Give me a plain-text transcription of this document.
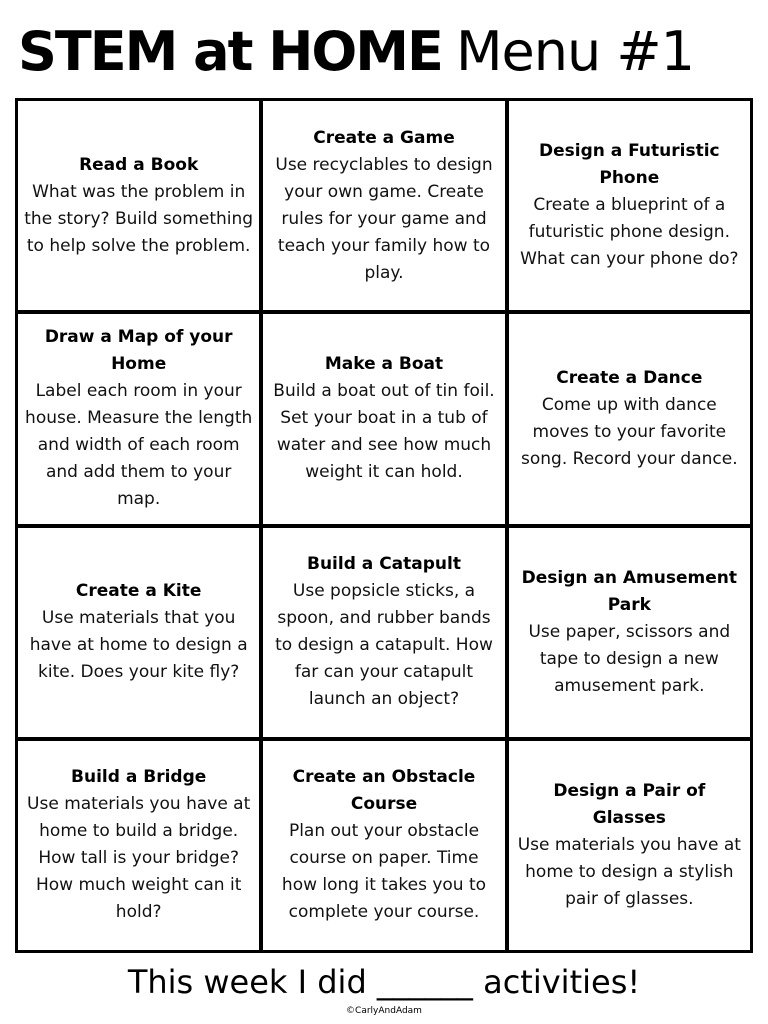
STEM at HOME Menu #1
Read a Book
What was the problem in the story? Build something to help solve the problem.
Create a Game
Use recyclables to design your own game. Create rules for your game and teach your family how to play.
Design a Futuristic Phone
Create a blueprint of a futuristic phone design. What can your phone do?
Draw a Map of your Home
Label each room in your house. Measure the length and width of each room and add them to your map.
Make a Boat
Build a boat out of tin foil. Set your boat in a tub of water and see how much weight it can hold.
Create a Dance
Come up with dance moves to your favorite song. Record your dance.
Create a Kite
Use materials that you have at home to design a kite. Does your kite fly?
Build a Catapult
Use popsicle sticks, a spoon, and rubber bands to design a catapult. How far can your catapult launch an object?
Design an Amusement Park
Use paper, scissors and tape to design a new amusement park.
Build a Bridge
Use materials you have at home to build a bridge. How tall is your bridge? How much weight can it hold?
Create an Obstacle Course
Plan out your obstacle course on paper. Time how long it takes you to complete your course.
Design a Pair of Glasses
Use materials you have at home to design a stylish pair of glasses.
This week I did ______ activities!
©CarlyAndAdam
